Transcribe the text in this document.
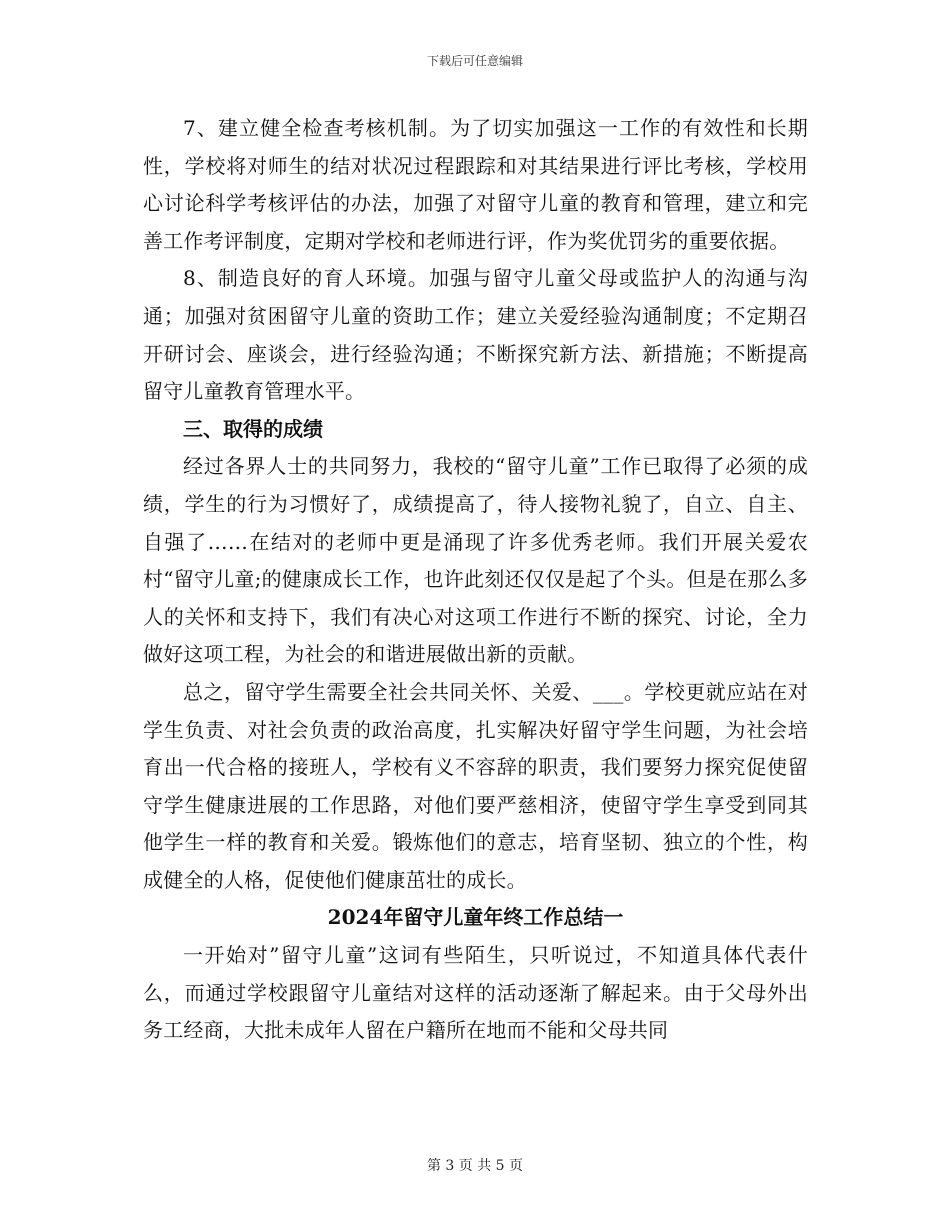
下载后可任意编辑

7、建立健全检查考核机制。为了切实加强这一工作的有效性和长期性，学校将对师生的结对状况过程跟踪和对其结果进行评比考核，学校用心讨论科学考核评估的办法，加强了对留守儿童的教育和管理，建立和完善工作考评制度，定期对学校和老师进行评，作为奖优罚劣的重要依据。

8、制造良好的育人环境。加强与留守儿童父母或监护人的沟通与沟通；加强对贫困留守儿童的资助工作；建立关爱经验沟通制度；不定期召开研讨会、座谈会，进行经验沟通；不断探究新方法、新措施；不断提高留守儿童教育管理水平。

三、取得的成绩

经过各界人士的共同努力，我校的“留守儿童”工作已取得了必须的成绩，学生的行为习惯好了，成绩提高了，待人接物礼貌了，自立、自主、自强了……在结对的老师中更是涌现了许多优秀老师。我们开展关爱农村“留守儿童;的健康成长工作，也许此刻还仅仅是起了个头。但是在那么多人的关怀和支持下，我们有决心对这项工作进行不断的探究、讨论，全力做好这项工程，为社会的和谐进展做出新的贡献。

总之，留守学生需要全社会共同关怀、关爱、___。学校更就应站在对学生负责、对社会负责的政治高度，扎实解决好留守学生问题，为社会培育出一代合格的接班人，学校有义不容辞的职责，我们要努力探究促使留守学生健康进展的工作思路，对他们要严慈相济，使留守学生享受到同其他学生一样的教育和关爱。锻炼他们的意志，培育坚韧、独立的个性，构成健全的人格，促使他们健康茁壮的成长。

2024年留守儿童年终工作总结一

一开始对”留守儿童”这词有些陌生，只听说过，不知道具体代表什么，而通过学校跟留守儿童结对这样的活动逐渐了解起来。由于父母外出务工经商，大批未成年人留在户籍所在地而不能和父母共同

第 3 页 共 5 页
